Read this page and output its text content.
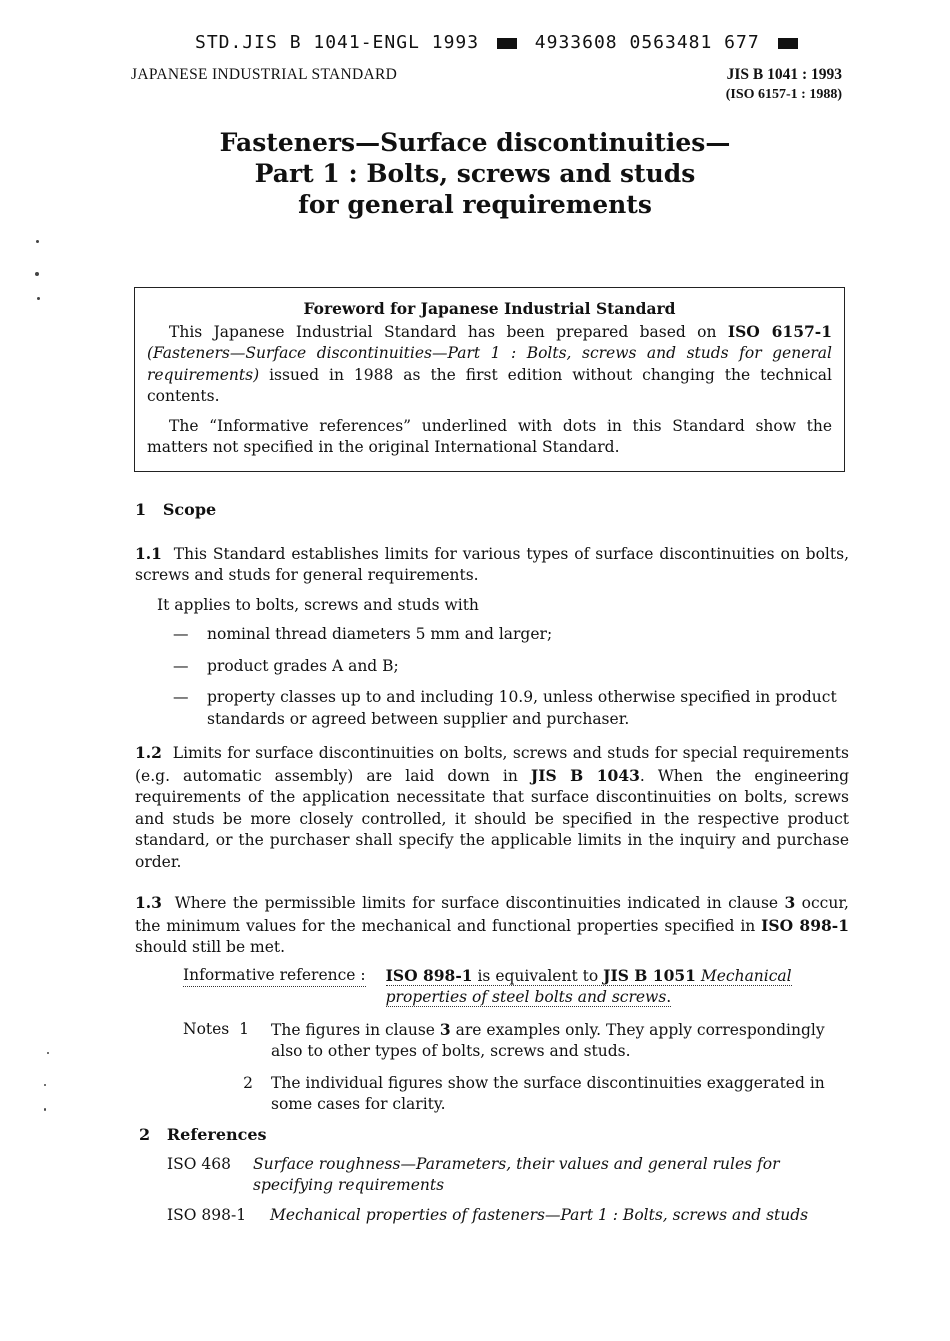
STD.JIS B 1041-ENGL 1993	4933608 0563481 677
JAPANESE INDUSTRIAL STANDARD	JIS B 1041 : 1993
(ISO 6157-1 : 1988)
Fasteners—Surface discontinuities—
Part 1 : Bolts, screws and studs
for general requirements
Foreword for Japanese Industrial Standard

This Japanese Industrial Standard has been prepared based on ISO 6157-1 (Fasteners—Surface discontinuities—Part 1 : Bolts, screws and studs for general requirements) issued in 1988 as the first edition without changing the technical contents.

The “Informative references” underlined with dots in this Standard show the matters not specified in the original International Standard.

1   Scope
1.1 This Standard establishes limits for various types of surface discontinuities on bolts, screws and studs for general requirements.
It applies to bolts, screws and studs with
—	nominal thread diameters 5 mm and larger;
—	product grades A and B;
—	property classes up to and including 10.9, unless otherwise specified in product standards or agreed between supplier and purchaser.
1.2 Limits for surface discontinuities on bolts, screws and studs for special requirements (e.g. automatic assembly) are laid down in JIS B 1043. When the engineering requirements of the application necessitate that surface discontinuities on bolts, screws and studs be more closely controlled, it should be specified in the respective product standard, or the purchaser shall specify the applicable limits in the inquiry and purchase order.
1.3 Where the permissible limits for surface discontinuities indicated in clause 3 occur, the minimum values for the mechanical and functional properties specified in ISO 898-1 should still be met.
Informative reference : ISO 898-1 is equivalent to JIS B 1051 Mechanical properties of steel bolts and screws.
Notes 1	The figures in clause 3 are examples only. They apply correspondingly also to other types of bolts, screws and studs.
2	The individual figures show the surface discontinuities exaggerated in some cases for clarity.
2   References
ISO 468	Surface roughness—Parameters, their values and general rules for specifying requirements
ISO 898-1	Mechanical properties of fasteners—Part 1 : Bolts, screws and studs
